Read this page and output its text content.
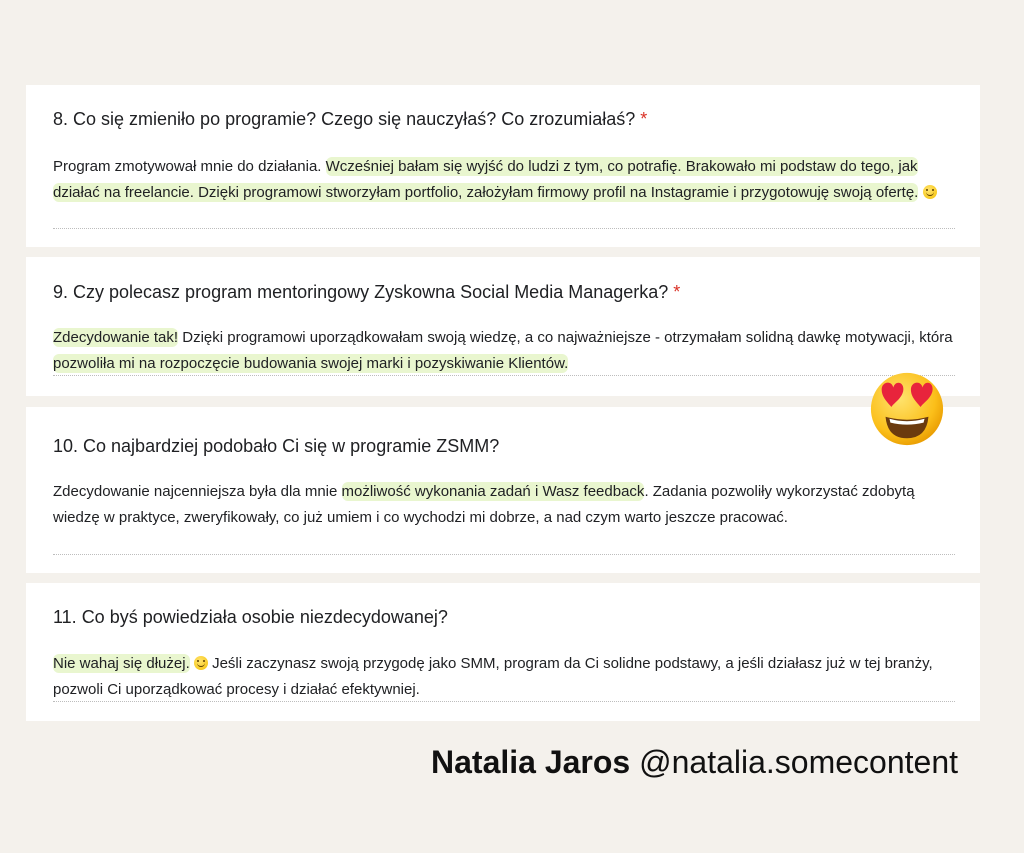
8. Co się zmieniło po programie? Czego się nauczyłaś? Co zrozumiałaś? *
Program zmotywował mnie do działania. Wcześniej bałam się wyjść do ludzi z tym, co potrafię. Brakowało mi podstaw do tego, jak działać na freelancie. Dzięki programowi stworzyłam portfolio, założyłam firmowy profil na Instagramie i przygotowuję swoją ofertę.
9. Czy polecasz program mentoringowy Zyskowna Social Media Managerka? *
Zdecydowanie tak! Dzięki programowi uporządkowałam swoją wiedzę, a co najważniejsze - otrzymałam solidną dawkę motywacji, która pozwoliła mi na rozpoczęcie budowania swojej marki i pozyskiwanie Klientów.
10. Co najbardziej podobało Ci się w programie ZSMM?
Zdecydowanie najcenniejsza była dla mnie możliwość wykonania zadań i Wasz feedback. Zadania pozwoliły wykorzystać zdobytą wiedzę w praktyce, zweryfikowały, co już umiem i co wychodzi mi dobrze, a nad czym warto jeszcze pracować.
11. Co byś powiedziała osobie niezdecydowanej?
Nie wahaj się dłużej.  Jeśli zaczynasz swoją przygodę jako SMM, program da Ci solidne podstawy, a jeśli działasz już w tej branży, pozwoli Ci uporządkować procesy i działać efektywniej.
Natalia Jaros @natalia.somecontent
